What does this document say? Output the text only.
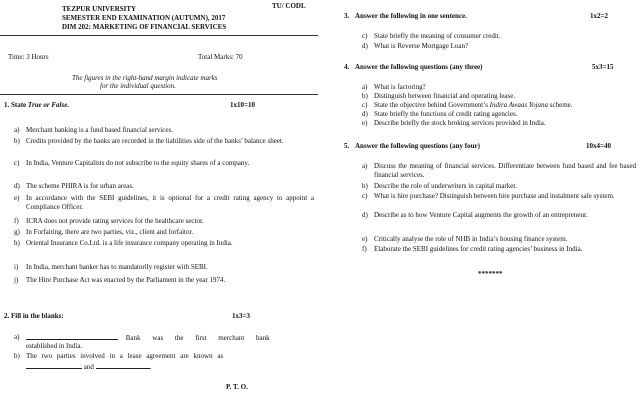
TU/ CODL
TEZPUR UNIVERSITY
SEMESTER END EXAMINATION (AUTUMN), 2017
DIM 202: MARKETING OF FINANCIAL SERVICES
Time: 3 Hours	Total Marks: 70
The figures in the right-hand margin indicate marks
for the individual question.
1. State True or False.	1x10=10
a) Merchant banking is a fund based financial services.
b) Credits provided by the banks are recorded in the liabilities side of the banks’ balance sheet.
c) In India, Venture Capitalists do not subscribe to the equity shares of a company.
d) The scheme PHIRA is for urban areas.
e) In accordance with the SEBI guidelines, it is optional for a credit rating agency to appoint a Compliance Officer.
f)	ICRA does not provide rating services for the healthcare sector.
g) In Forfaiting, there are two parties, viz., client and forfaitor.
h) Oriental Insurance Co.Ltd. is a life insurance company operating in India.
i)	In India, merchant banker has to mandatorily register with SEBI.
j)	The Hire Purchase Act was enacted by the Parliament in the year 1974.
2. Fill in the blanks:	1x3=3
a)	Bank was the first merchant bank
established in India.
b) The two parties involved in a lease agreement are known as
and	.
P. T. O.
3. Answer the following in one sentence.	1x2=2
c) State briefly the meaning of consumer credit.
d) What is Reverse Mortgage Loan?
4. Answer the following questions (any three)	5x3=15
a) What is factoring?
b) Distinguish between financial and operating lease.
c) State the objective behind Government’s Indira Awaas Yojana scheme.
d) State briefly the functions of credit rating agencies.
e) Describe briefly the stock broking services provided in India.
5. Answer the following questions (any four)	10x4=40
a) Discuss the meaning of financial services. Differentiate between fund based and fee based financial services.
b) Describe the role of underwriters in capital market.
c) What is hire purchase? Distinguish between hire purchase and instalment sale system.
d) Describe as to how Venture Capital augments the growth of an entrepreneur.
e) Critically analyse the role of NHB in India’s housing finance system.
f)	Elaborate the SEBI guidelines for credit rating agencies’ business in India.
*******
